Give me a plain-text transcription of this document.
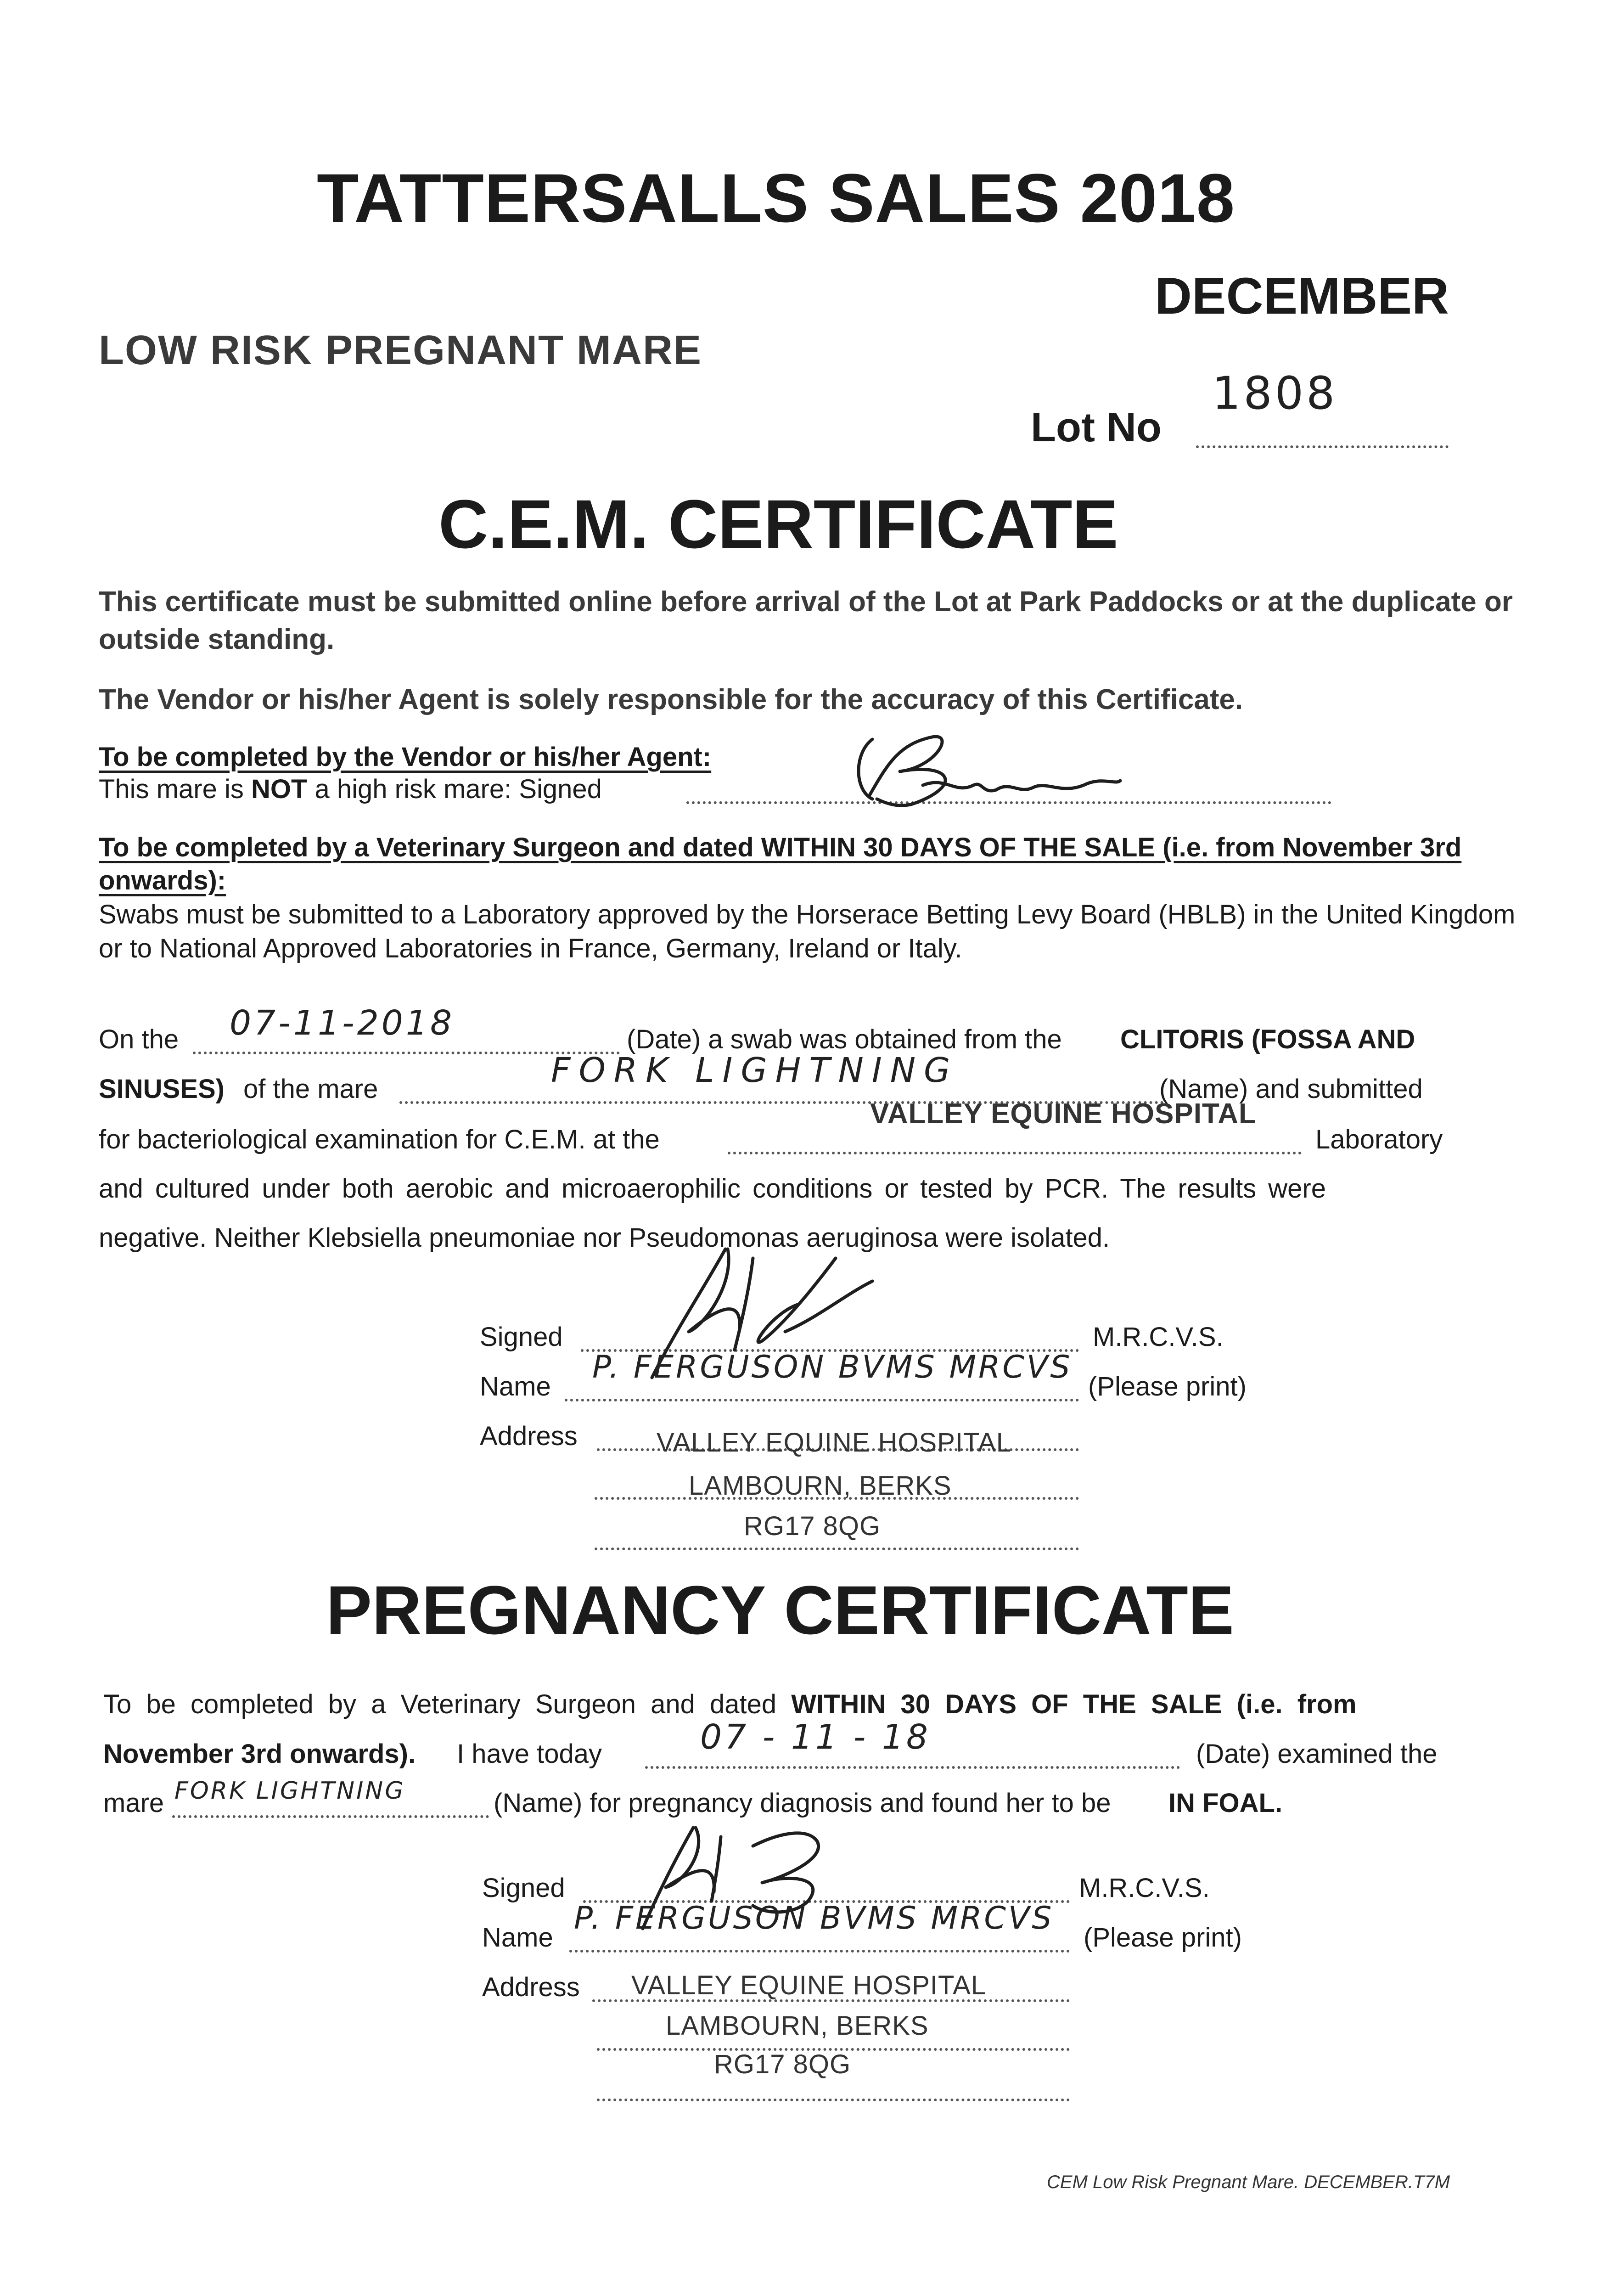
TATTERSALLS SALES 2018
DECEMBER
LOW RISK PREGNANT MARE
Lot No
1808
C.E.M. CERTIFICATE
This certificate must be submitted online before arrival of the Lot at Park Paddocks or at the duplicate or outside standing.
The Vendor or his/her Agent is solely responsible for the accuracy of this Certificate.
To be completed by the Vendor or his/her Agent:
This mare is NOT a high risk mare: Signed
To be completed by a Veterinary Surgeon and dated WITHIN 30 DAYS OF THE SALE (i.e. from November 3rd onwards):
Swabs must be submitted to a Laboratory approved by the Horserace Betting Levy Board (HBLB) in the United Kingdom or to National Approved Laboratories in France, Germany, Ireland or Italy.
On the 07-11-2018	(Date) a swab was obtained from the CLITORIS (FOSSA AND
SINUSES) of the mare	FORK LIGHTNING	(Name) and submitted
VALLEY EQUINE HOSPITAL
for bacteriological examination for C.E.M. at the	Laboratory
and cultured under both aerobic and microaerophilic conditions or tested by PCR. The results were
negative. Neither Klebsiella pneumoniae nor Pseudomonas aeruginosa were isolated.
Signed	M.R.C.V.S.
Name
P. FERGUSON BVMS MRCVS
(Please print)
Address	VALLEY EQUINE HOSPITAL
LAMBOURN, BERKS
RG17 8QG
PREGNANCY CERTIFICATE
To be completed by a Veterinary Surgeon and dated WITHIN 30 DAYS OF THE SALE (i.e. from
November 3rd onwards). I have today	07 - 11 - 18	(Date) examined the
mare FORK LIGHTNING	(Name) for pregnancy diagnosis and found her to be IN FOAL.
Signed	M.R.C.V.S.
Name
P. FERGUSON BVMS MRCVS
(Please print)
Address VALLEY EQUINE HOSPITAL
LAMBOURN, BERKS
RG17 8QG
CEM Low Risk Pregnant Mare. DECEMBER.T7M
